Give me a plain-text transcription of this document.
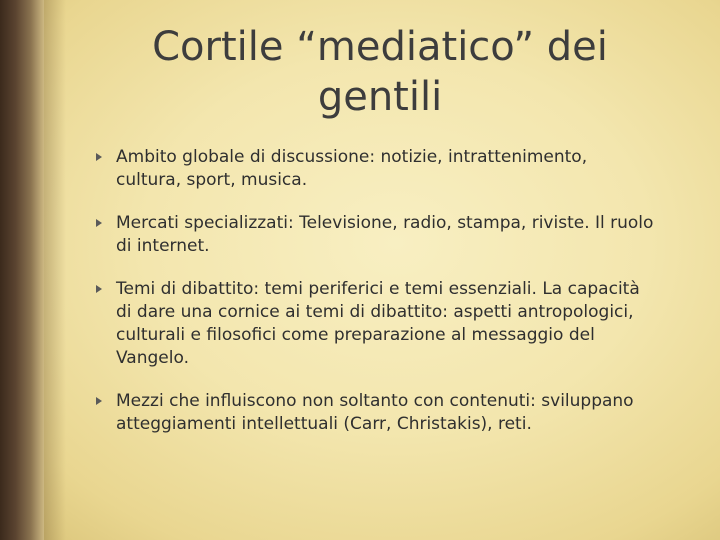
Cortile “mediatico” dei gentili
Ambito globale di discussione: notizie, intrattenimento, cultura, sport, musica.
Mercati specializzati: Televisione, radio, stampa, riviste. Il ruolo di internet.
Temi di dibattito: temi periferici e temi essenziali. La capacità di dare una cornice ai temi di dibattito: aspetti antropologici, culturali e filosofici come preparazione al messaggio del Vangelo.
Mezzi che influiscono non soltanto con contenuti: sviluppano atteggiamenti intellettuali (Carr, Christakis), reti.
